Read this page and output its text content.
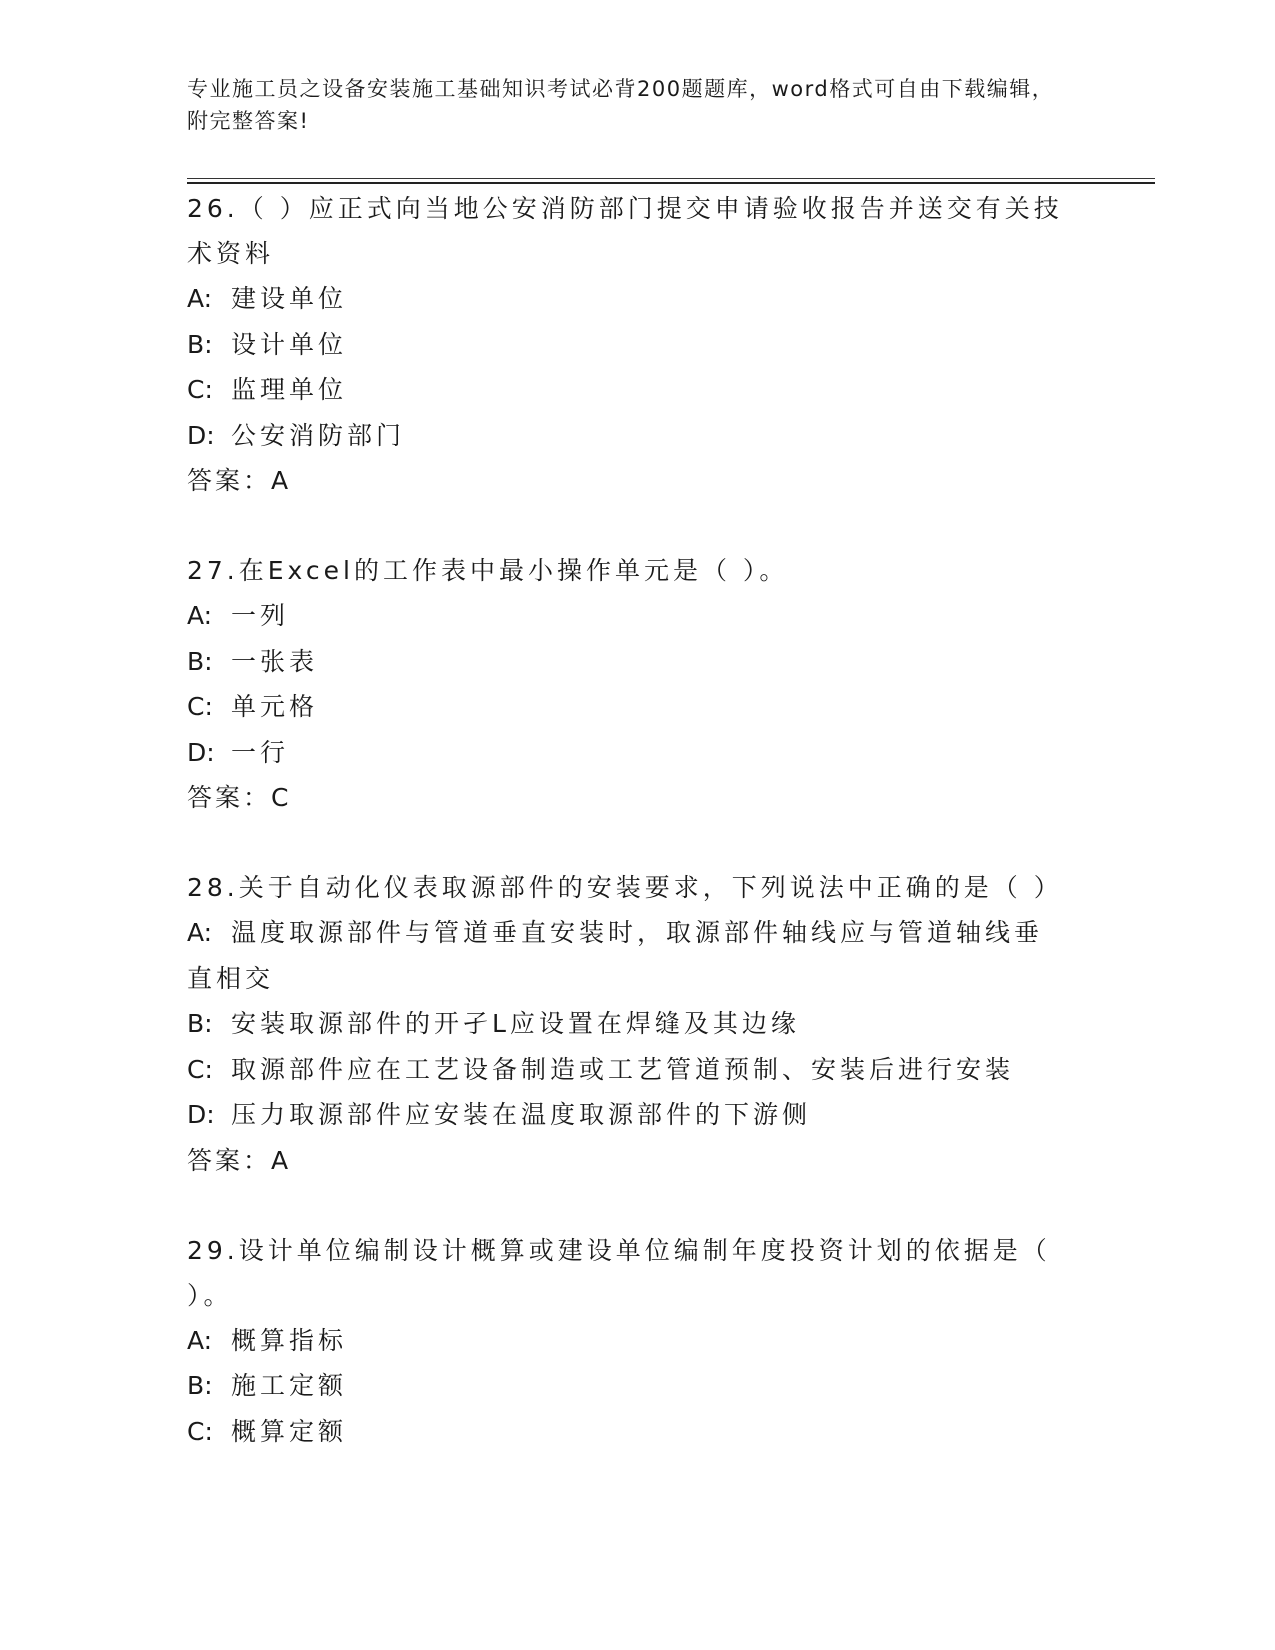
专业施工员之设备安装施工基础知识考试必背200题题库，word格式可自由下载编辑，附完整答案!
26.（ ）应正式向当地公安消防部门提交申请验收报告并送交有关技术资料
A: 建设单位
B: 设计单位
C: 监理单位
D: 公安消防部门
答案：A
27.在Excel的工作表中最小操作单元是（ ）。
A: 一列
B: 一张表
C: 单元格
D: 一行
答案：C
28.关于自动化仪表取源部件的安装要求，下列说法中正确的是（ ）
A: 温度取源部件与管道垂直安装时，取源部件轴线应与管道轴线垂直相交
B: 安装取源部件的开孑L应设置在焊缝及其边缘
C: 取源部件应在工艺设备制造或工艺管道预制、安装后进行安装
D: 压力取源部件应安装在温度取源部件的下游侧
答案：A
29.设计单位编制设计概算或建设单位编制年度投资计划的依据是（ ）。
A: 概算指标
B: 施工定额
C: 概算定额
